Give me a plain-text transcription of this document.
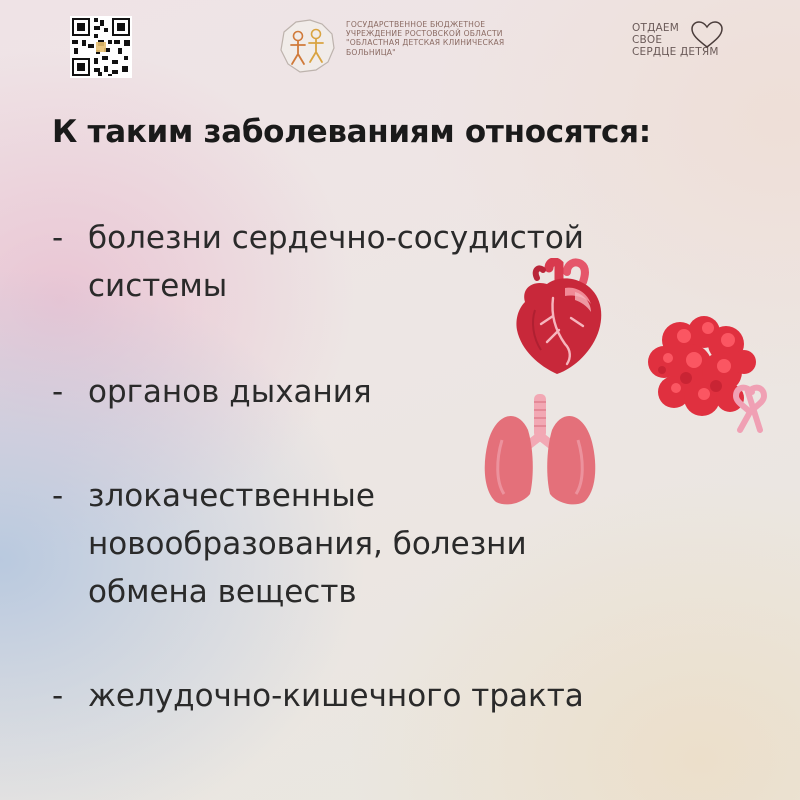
ГОСУДАРСТВЕННОЕ БЮДЖЕТНОЕ
УЧРЕЖДЕНИЕ РОСТОВСКОЙ ОБЛАСТИ
"ОБЛАСТНАЯ ДЕТСКАЯ КЛИНИЧЕСКАЯ
БОЛЬНИЦА"
ОТДАЕМ
СВОЕ
СЕРДЦЕ ДЕТЯМ
К таким заболеваниям относятся:
- болезни сердечно-сосудистой
системы
- органов дыхания
- злокачественные
новообразования, болезни
обмена веществ
- желудочно-кишечного тракта
